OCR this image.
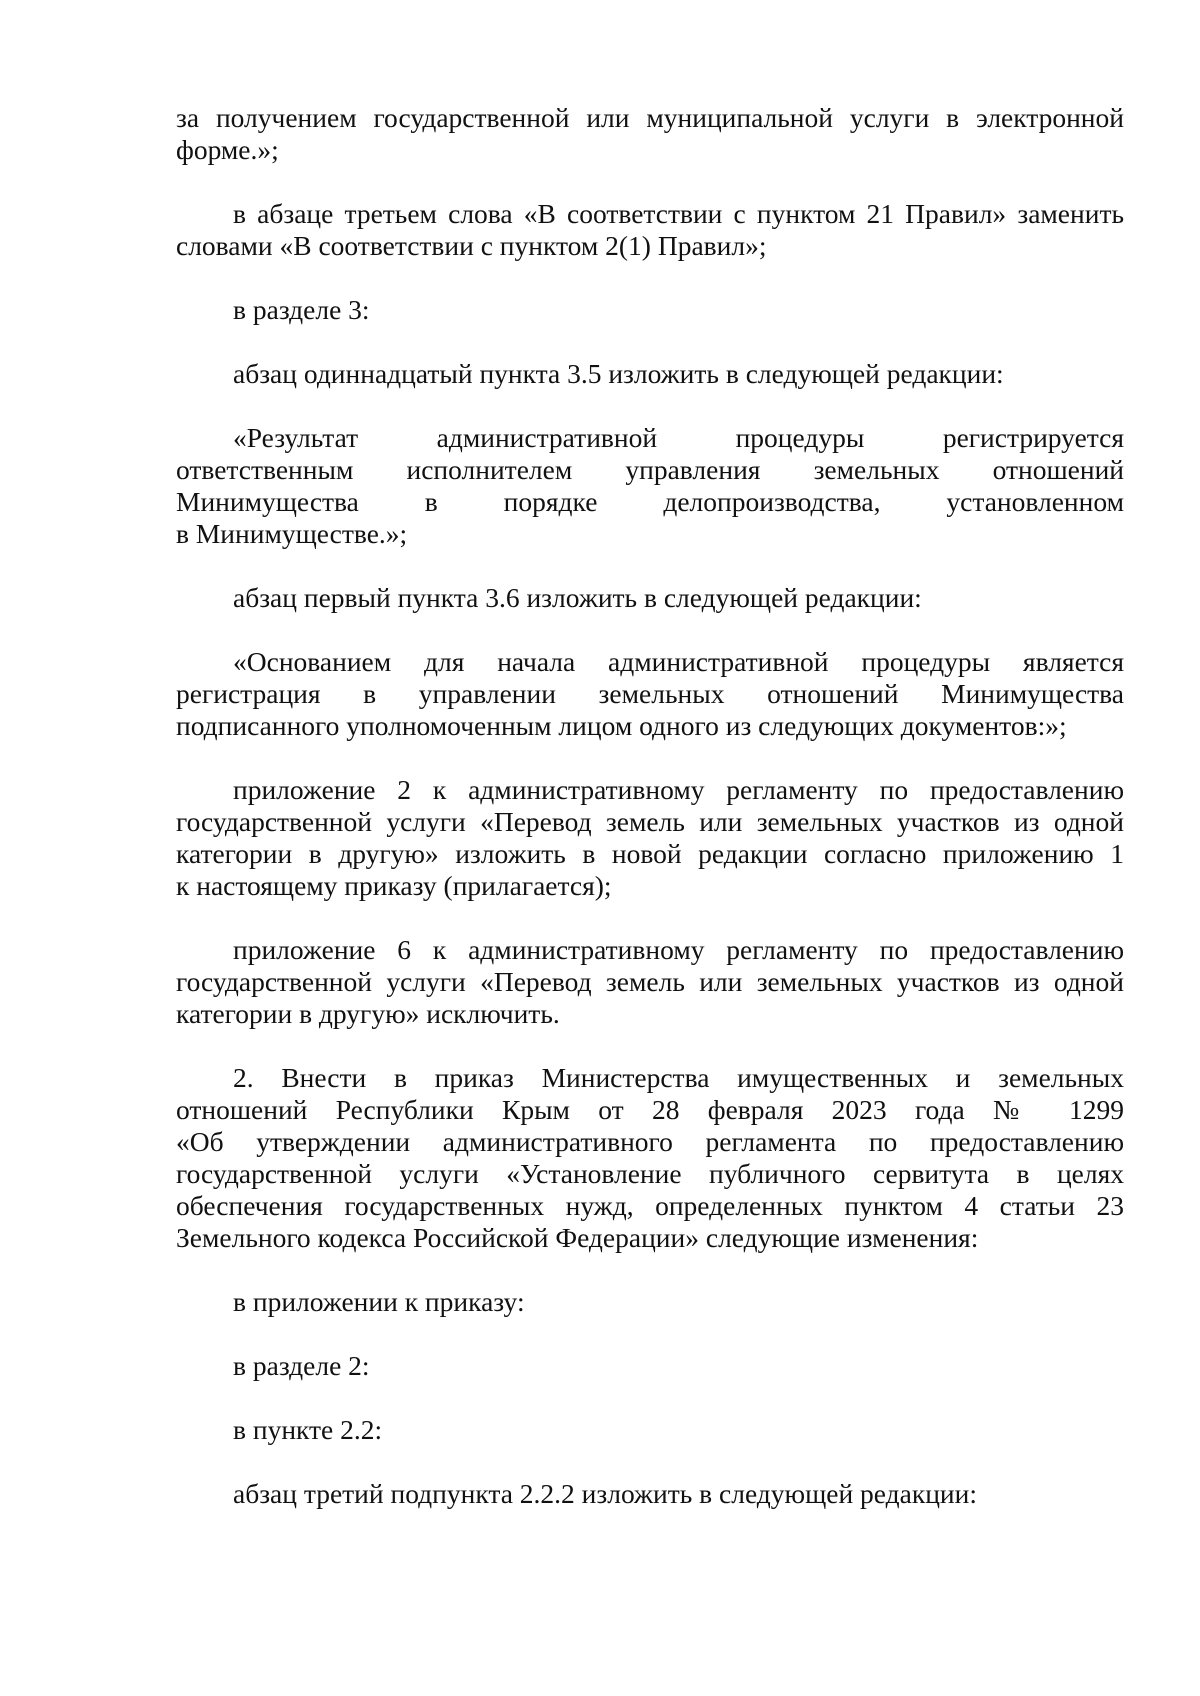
за получением государственной или муниципальной услуги в электронной
форме.»;
в абзаце третьем слова «В соответствии с пунктом 21 Правил» заменить
словами «В соответствии с пунктом 2(1) Правил»;
в разделе 3:
абзац одиннадцатый пункта 3.5 изложить в следующей редакции:
«Результат административной процедуры регистрируется
ответственным исполнителем управления земельных отношений
Минимущества в порядке делопроизводства, установленном
в Минимуществе.»;
абзац первый пункта 3.6 изложить в следующей редакции:
«Основанием для начала административной процедуры является
регистрация в управлении земельных отношений Минимущества
подписанного уполномоченным лицом одного из следующих документов:»;
приложение 2 к административному регламенту по предоставлению
государственной услуги «Перевод земель или земельных участков из одной
категории в другую» изложить в новой редакции согласно приложению 1
к настоящему приказу (прилагается);
приложение 6 к административному регламенту по предоставлению
государственной услуги «Перевод земель или земельных участков из одной
категории в другую» исключить.
2. Внести в приказ Министерства имущественных и земельных
отношений Республики Крым от 28 февраля 2023 года № 1299
«Об утверждении административного регламента по предоставлению
государственной услуги «Установление публичного сервитута в целях
обеспечения государственных нужд, определенных пунктом 4 статьи 23
Земельного кодекса Российской Федерации» следующие изменения:
в приложении к приказу:
в разделе 2:
в пункте 2.2:
абзац третий подпункта 2.2.2 изложить в следующей редакции:
